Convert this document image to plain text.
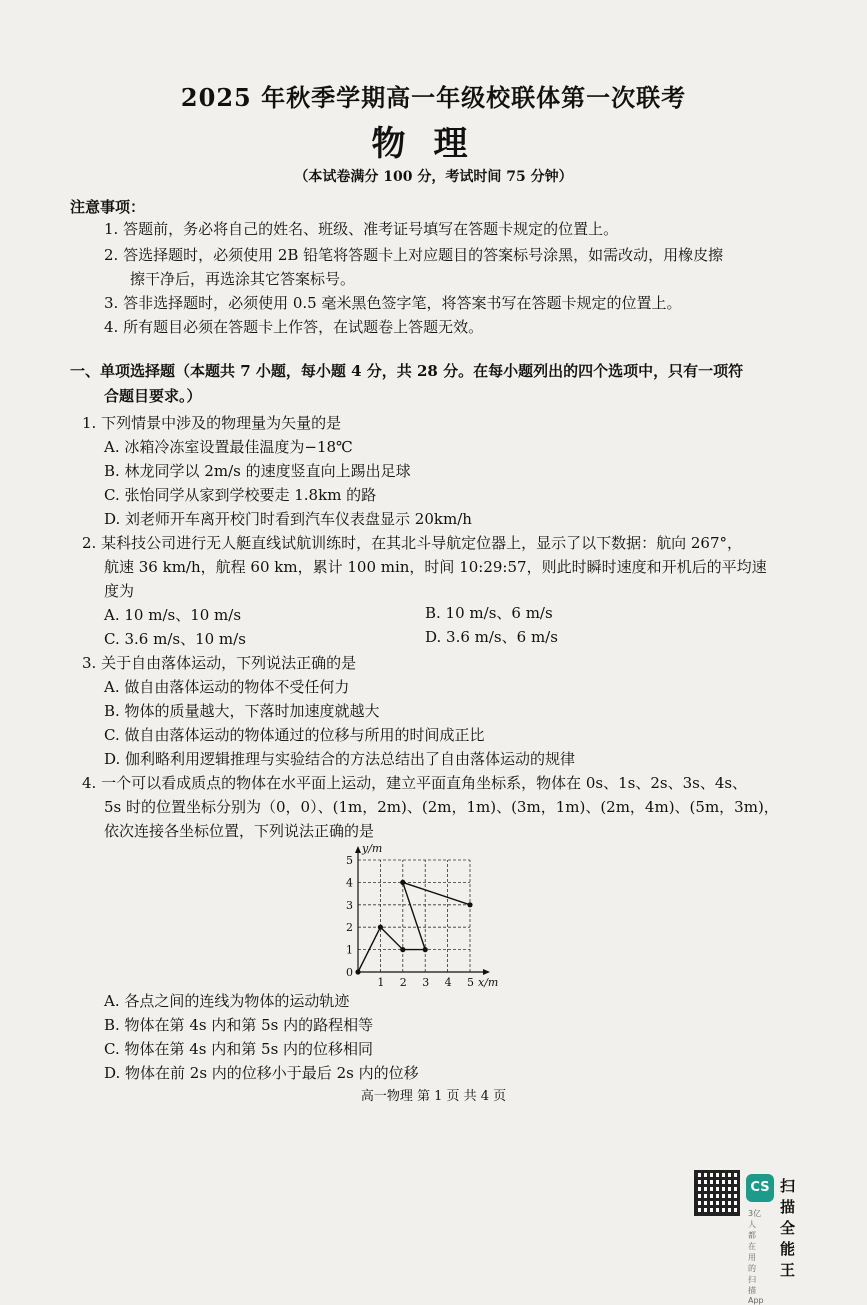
2025 年秋季学期高一年级校联体第一次联考
物理
（本试卷满分 100 分，考试时间 75 分钟）
注意事项：
1. 答题前，务必将自己的姓名、班级、准考证号填写在答题卡规定的位置上。
2. 答选择题时，必须使用 2B 铅笔将答题卡上对应题目的答案标号涂黑，如需改动，用橡皮擦
擦干净后，再选涂其它答案标号。
3. 答非选择题时，必须使用 0.5 毫米黑色签字笔，将答案书写在答题卡规定的位置上。
4. 所有题目必须在答题卡上作答，在试题卷上答题无效。
一、单项选择题（本题共 7 小题，每小题 4 分，共 28 分。在每小题列出的四个选项中，只有一项符
合题目要求。）
1. 下列情景中涉及的物理量为矢量的是
A. 冰箱冷冻室设置最佳温度为−18℃
B. 林龙同学以 2m/s 的速度竖直向上踢出足球
C. 张怡同学从家到学校要走 1.8km 的路
D. 刘老师开车离开校门时看到汽车仪表盘显示 20km/h
2. 某科技公司进行无人艇直线试航训练时，在其北斗导航定位器上，显示了以下数据：航向 267°，
航速 36 km/h，航程 60 km，累计 100 min，时间 10:29:57，则此时瞬时速度和开机后的平均速
度为
A. 10 m/s、10 m/s	B. 10 m/s、6 m/s
C. 3.6 m/s、10 m/s	D. 3.6 m/s、6 m/s
3. 关于自由落体运动，下列说法正确的是
A. 做自由落体运动的物体不受任何力
B. 物体的质量越大，下落时加速度就越大
C. 做自由落体运动的物体通过的位移与所用的时间成正比
D. 伽利略利用逻辑推理与实验结合的方法总结出了自由落体运动的规律
4. 一个可以看成质点的物体在水平面上运动，建立平面直角坐标系，物体在 0s、1s、2s、3s、4s、
5s 时的位置坐标分别为（0，0）、(1m，2m)、(2m，1m)、(3m，1m)、(2m，4m)、(5m，3m)，
依次连接各坐标位置，下列说法正确的是
1 2 3 4 5
1
2
3
4
5
0
x/m
y/m
A. 各点之间的连线为物体的运动轨迹
B. 物体在第 4s 内和第 5s 内的路程相等
C. 物体在第 4s 内和第 5s 内的位移相同
D. 物体在前 2s 内的位移小于最后 2s 内的位移
高一物理 第 1 页 共 4 页
CS 扫描全能王
3亿人都在用的扫描App
